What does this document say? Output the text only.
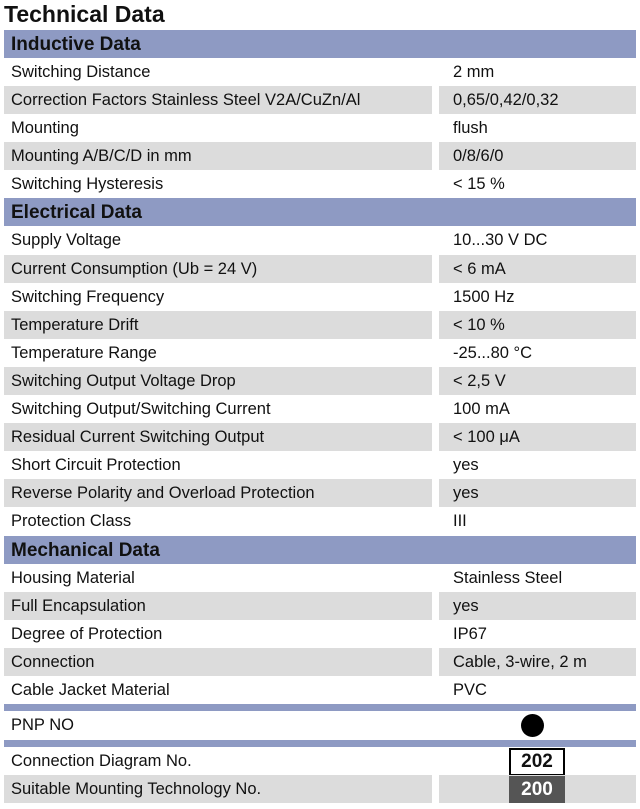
Technical Data
Inductive Data
Switching Distance	2 mm
Correction Factors Stainless Steel V2A/CuZn/Al	0,65/0,42/0,32
Mounting	flush
Mounting A/B/C/D in mm	0/8/6/0
Switching Hysteresis	< 15 %
Electrical Data
Supply Voltage	10...30 V DC
Current Consumption (Ub = 24 V)	< 6 mA
Switching Frequency	1500 Hz
Temperature Drift	< 10 %
Temperature Range	-25...80 °C
Switching Output Voltage Drop	< 2,5 V
Switching Output/Switching Current	100 mA
Residual Current Switching Output	< 100 μA
Short Circuit Protection	yes
Reverse Polarity and Overload Protection	yes
Protection Class	III
Mechanical Data
Housing Material	Stainless Steel
Full Encapsulation	yes
Degree of Protection	IP67
Connection	Cable, 3-wire, 2 m
Cable Jacket Material	PVC
PNP NO
Connection Diagram No.	202
Suitable Mounting Technology No.	200
